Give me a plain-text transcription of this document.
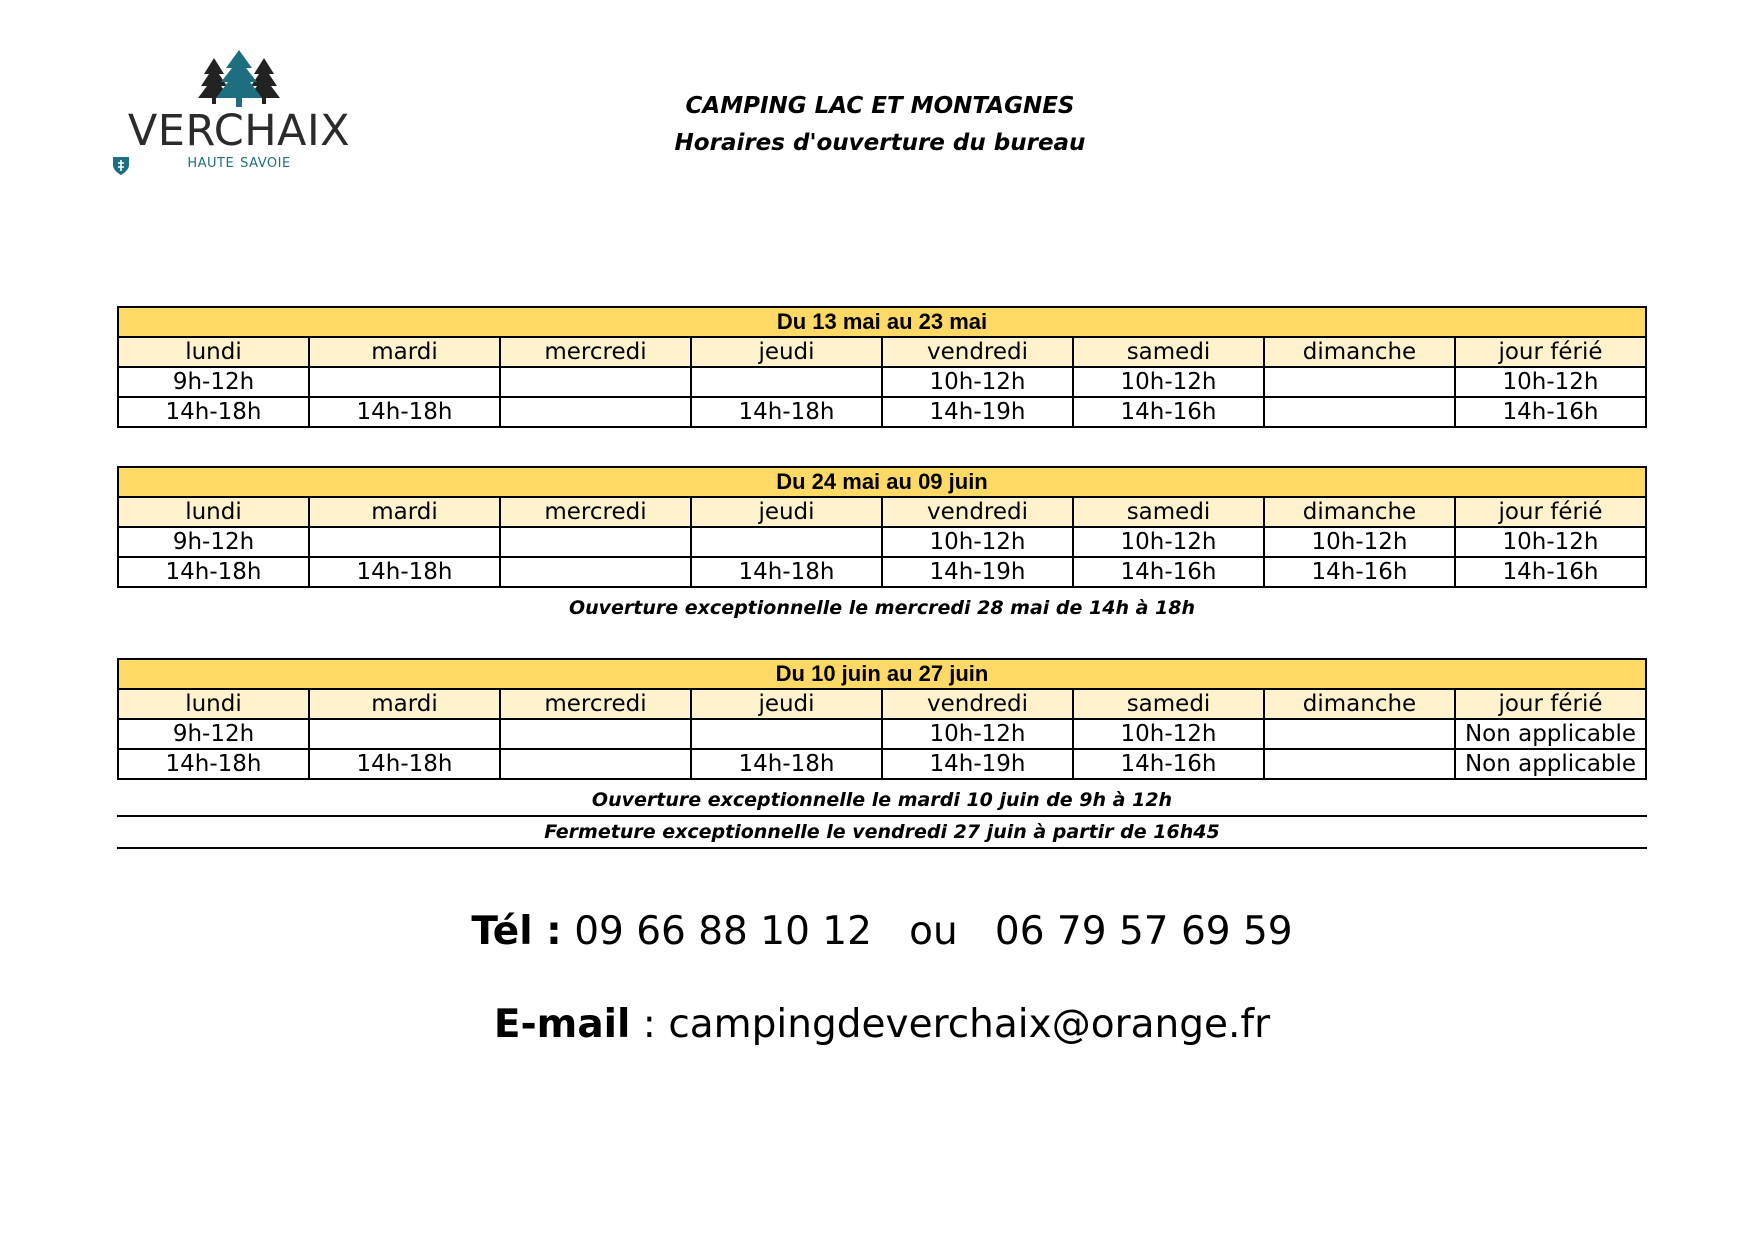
VERCHAIX
HAUTE SAVOIE
CAMPING LAC ET MONTAGNES
Horaires d'ouverture du bureau
Du 13 mai au 23 mai							
lundi	mardi	mercredi	jeudi	vendredi	samedi	dimanche	jour férié
9h-12h				10h-12h	10h-12h		10h-12h
14h-18h	14h-18h		14h-18h	14h-19h	14h-16h		14h-16h
Du 24 mai au 09 juin							
lundi	mardi	mercredi	jeudi	vendredi	samedi	dimanche	jour férié
9h-12h				10h-12h	10h-12h	10h-12h	10h-12h
14h-18h	14h-18h		14h-18h	14h-19h	14h-16h	14h-16h	14h-16h
Ouverture exceptionnelle le mercredi 28 mai de 14h à 18h
Du 10 juin au 27 juin							
lundi	mardi	mercredi	jeudi	vendredi	samedi	dimanche	jour férié
9h-12h				10h-12h	10h-12h		Non applicable
14h-18h	14h-18h		14h-18h	14h-19h	14h-16h		Non applicable
Ouverture exceptionnelle le mardi 10 juin de 9h à 12h
Fermeture exceptionnelle le vendredi 27 juin à partir de 16h45
Tél : 09 66 88 10 12 ou 06 79 57 69 59
E-mail : campingdeverchaix@orange.fr
